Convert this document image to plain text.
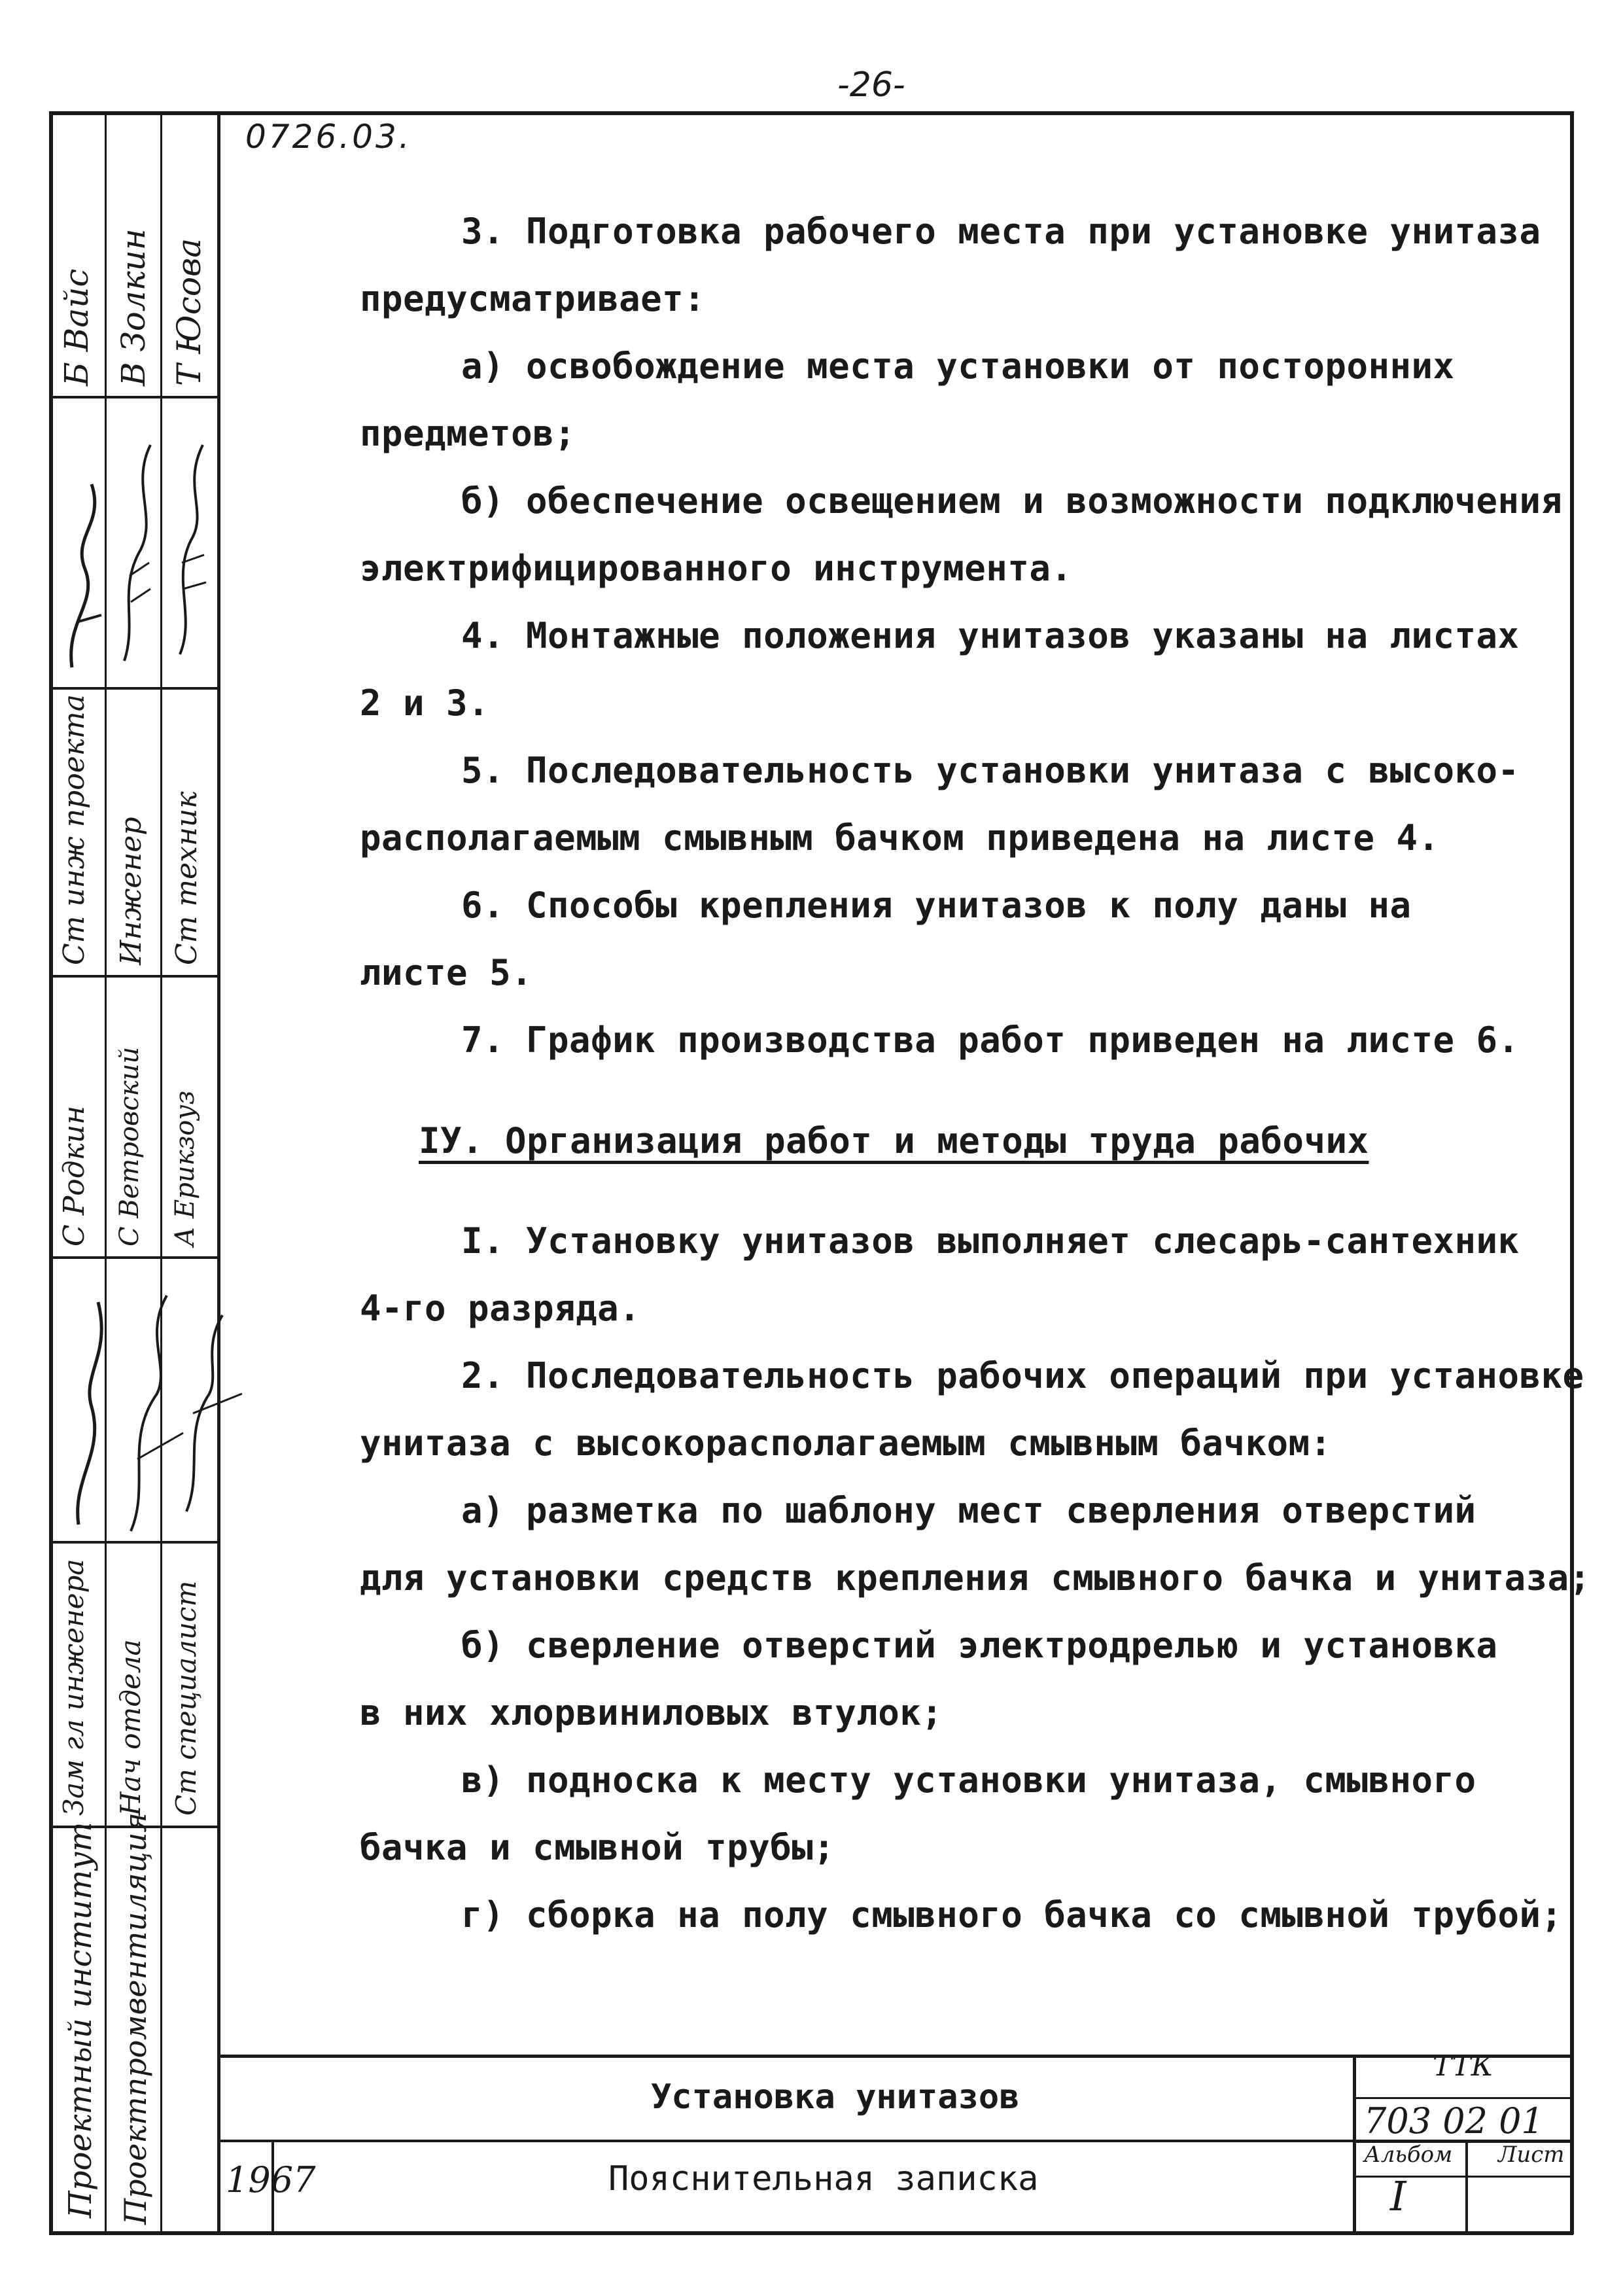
-26-
0726.03.
Б Вайс В Золкин Т Юсова
Ст инж проекта Инженер Ст техник
С Родкин С Ветровский А Ерикзоуз
Зам гл инженера Нач отдела Ст специалист
Проектный институт Проектпромвентиляция
3. Подготовка рабочего места при установке унитаза
предусматривает:
а) освобождение места установки от посторонних
предметов;
б) обеспечение освещением и возможности подключения
электрифицированного инструмента.
4. Монтажные положения унитазов указаны на листах
2 и 3.
5. Последовательность установки унитаза с высоко-
располагаемым смывным бачком приведена на листе 4.
6. Способы крепления унитазов к полу даны на
листе 5.
7. График производства работ приведен на листе 6.
IУ. Организация работ и методы труда рабочих
I. Установку унитазов выполняет слесарь-сантехник
4-го разряда.
2. Последовательность рабочих операций при установке
унитаза с высокорасполагаемым смывным бачком:
а) разметка по шаблону мест сверления отверстий
для установки средств крепления смывного бачка и унитаза;
б) сверление отверстий электродрелью и установка
в них хлорвиниловых втулок;
в) подноска к месту установки унитаза, смывного
бачка и смывной трубы;
г) сборка на полу смывного бачка со смывной трубой;
Установка унитазов
Пояснительная записка
1967
ТТК
703 02 01
Альбом
I
Лист
